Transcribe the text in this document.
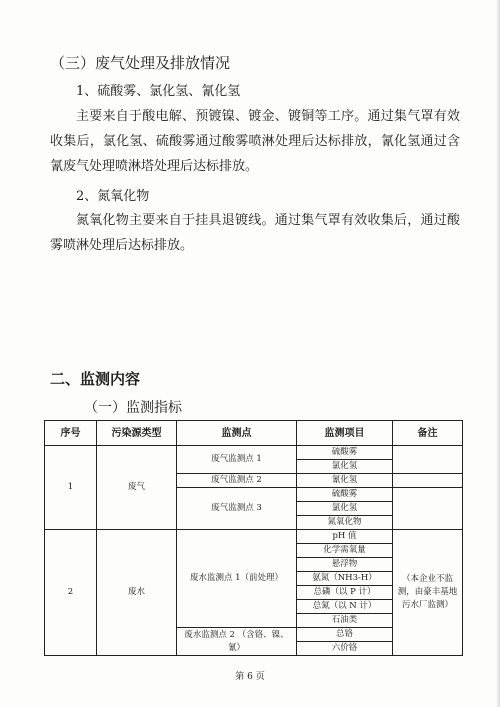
（三）废气处理及排放情况
1、硫酸雾、氯化氢、氰化氢
主要来自于酸电解、预镀镍、镀金、镀铜等工序。通过集气罩有效收集后，氯化氢、硫酸雾通过酸雾喷淋处理后达标排放，氰化氢通过含氰废气处理喷淋塔处理后达标排放。
2、氮氧化物
氮氧化物主要来自于挂具退镀线。通过集气罩有效收集后，通过酸雾喷淋处理后达标排放。
二、监测内容
（一）监测指标
序号	污染源类型	监测点	监测项目	备注
1	废气	废气监测点 1	硫酸雾	
			氯化氢	
		废气监测点 2	氰化氢	
		废气监测点 3	硫酸雾	
			氯化氢	
			氮氧化物	
2	废水	废水监测点 1（前处理）	pH 值	（本企业不监测，由豪丰基地污水厂监测）
			化学需氧量	
			悬浮物	
			氨氮（NH3-H）	
			总磷（以 P 计）	
			总氮（以 N 计）	
			石油类	
		废水监测点 2 （含铬、镍、氰）	总铬	
			六价铬	
第 6 页
